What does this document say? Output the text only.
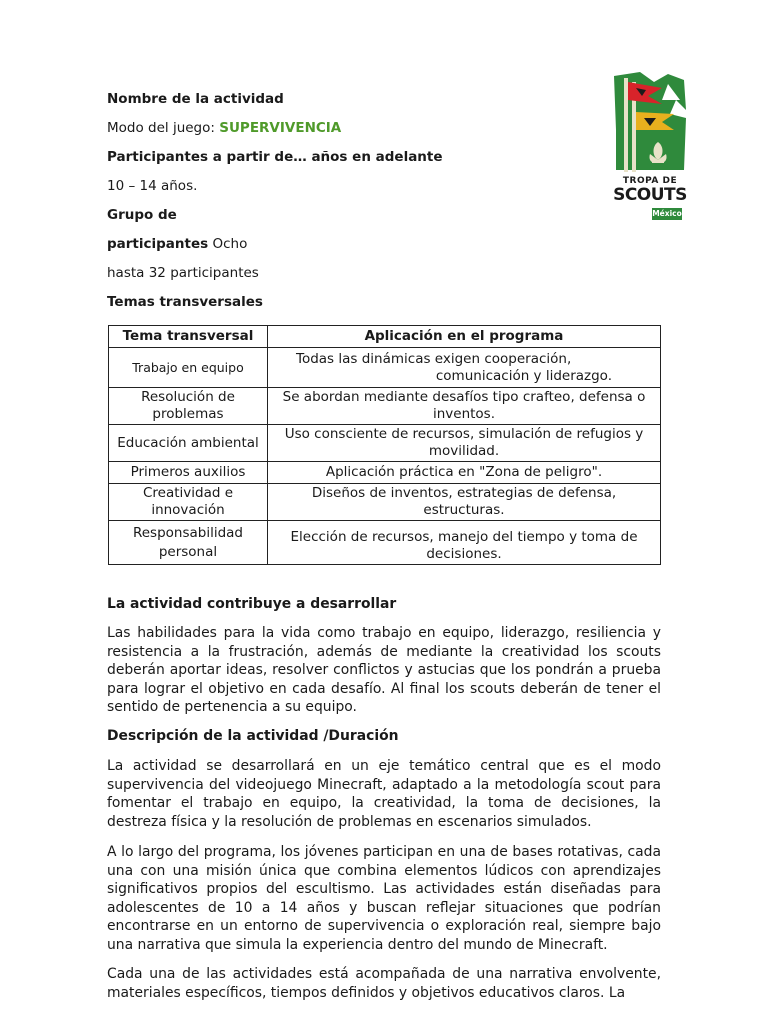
Nombre de la actividad
Modo del juego: SUPERVIVENCIA
Participantes a partir de… años en adelante
10 – 14 años.
Grupo de
participantes Ocho
hasta 32 participantes
Temas transversales
TROPA DE
SCOUTS
México
Tema transversal	Aplicación en el programa
Trabajo en equipo	Todas las dinámicas exigen cooperación,
comunicación y liderazgo.

Resolución de problemas	Se abordan mediante desafíos tipo crafteo, defensa o inventos.
Educación ambiental	Uso consciente de recursos, simulación de refugios y movilidad.
Primeros auxilios	Aplicación práctica en "Zona de peligro".
Creatividad e innovación	Diseños de inventos, estrategias de defensa, estructuras.
Responsabilidad personal	Elección de recursos, manejo del tiempo y toma de decisiones.
La actividad contribuye a desarrollar
Las habilidades para la vida como trabajo en equipo, liderazgo, resiliencia y resistencia a la frustración, además de mediante la creatividad los scouts deberán aportar ideas, resolver conflictos y astucias que los pondrán a prueba para lograr el objetivo en cada desafío. Al final los scouts deberán de tener el sentido de pertenencia a su equipo.
Descripción de la actividad /Duración
La actividad se desarrollará en un eje temático central que es el modo supervivencia del videojuego Minecraft, adaptado a la metodología scout para fomentar el trabajo en equipo, la creatividad, la toma de decisiones, la destreza física y la resolución de problemas en escenarios simulados.
A lo largo del programa, los jóvenes participan en una de bases rotativas, cada una con una misión única que combina elementos lúdicos con aprendizajes significativos propios del escultismo. Las actividades están diseñadas para adolescentes de 10 a 14 años y buscan reflejar situaciones que podrían encontrarse en un entorno de supervivencia o exploración real, siempre bajo una narrativa que simula la experiencia dentro del mundo de Minecraft.
Cada una de las actividades está acompañada de una narrativa envolvente, materiales específicos, tiempos definidos y objetivos educativos claros. La
